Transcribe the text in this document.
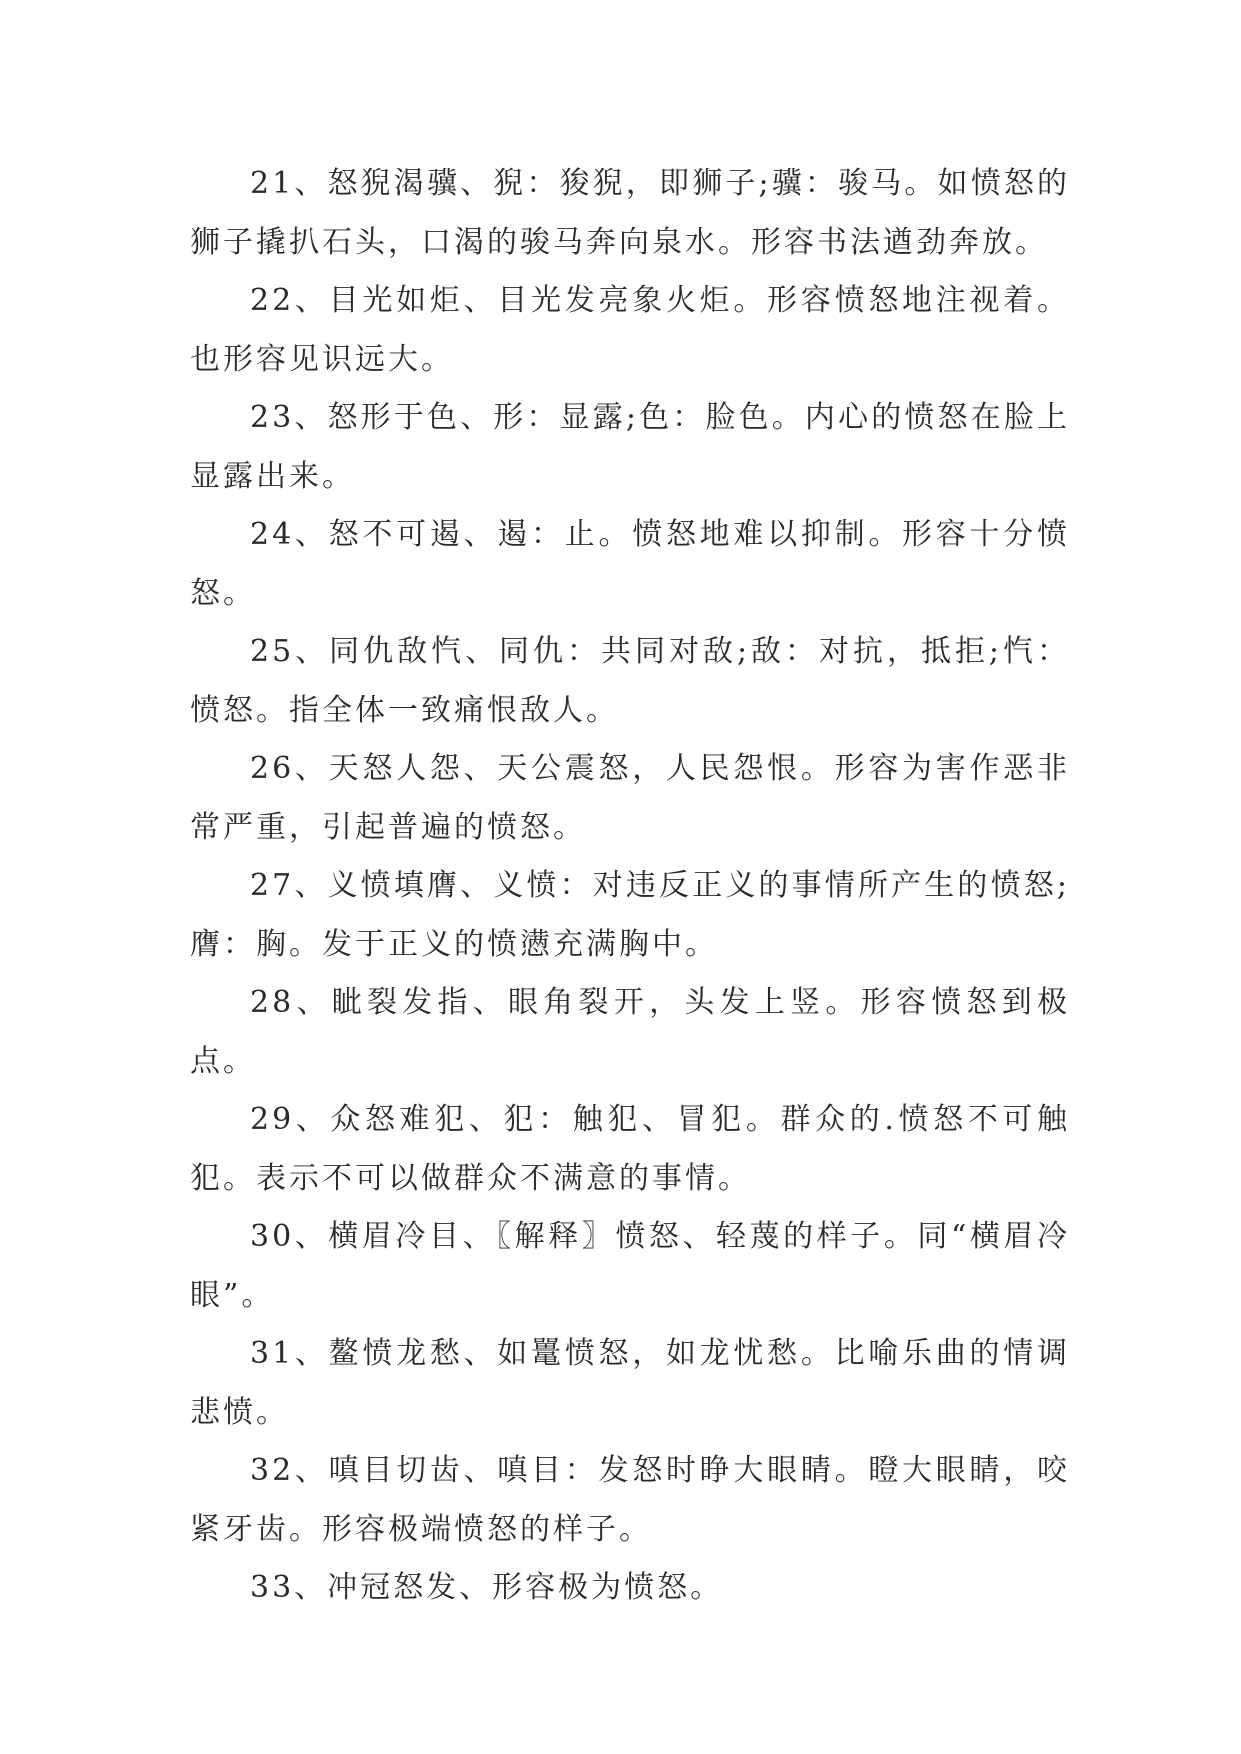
21、怒猊渴骥、猊：狻猊，即狮子;骥：骏马。如愤怒的狮子撬扒石头，口渴的骏马奔向泉水。形容书法遒劲奔放。

22、目光如炬、目光发亮象火炬。形容愤怒地注视着。也形容见识远大。

23、怒形于色、形：显露;色：脸色。内心的愤怒在脸上显露出来。

24、怒不可遏、遏：止。愤怒地难以抑制。形容十分愤怒。

25、同仇敌忾、同仇：共同对敌;敌：对抗，抵拒;忾：愤怒。指全体一致痛恨敌人。

26、天怒人怨、天公震怒，人民怨恨。形容为害作恶非常严重，引起普遍的愤怒。

27、义愤填膺、义愤：对违反正义的事情所产生的愤怒;膺：胸。发于正义的愤懑充满胸中。

28、眦裂发指、眼角裂开，头发上竖。形容愤怒到极点。

29、众怒难犯、犯：触犯、冒犯。群众的.愤怒不可触犯。表示不可以做群众不满意的事情。

30、横眉冷目、〖解释〗愤怒、轻蔑的样子。同“横眉冷眼”。

31、鳌愤龙愁、如鼍愤怒，如龙忧愁。比喻乐曲的情调悲愤。

32、嗔目切齿、嗔目：发怒时睁大眼睛。瞪大眼睛，咬紧牙齿。形容极端愤怒的样子。

33、冲冠怒发、形容极为愤怒。
